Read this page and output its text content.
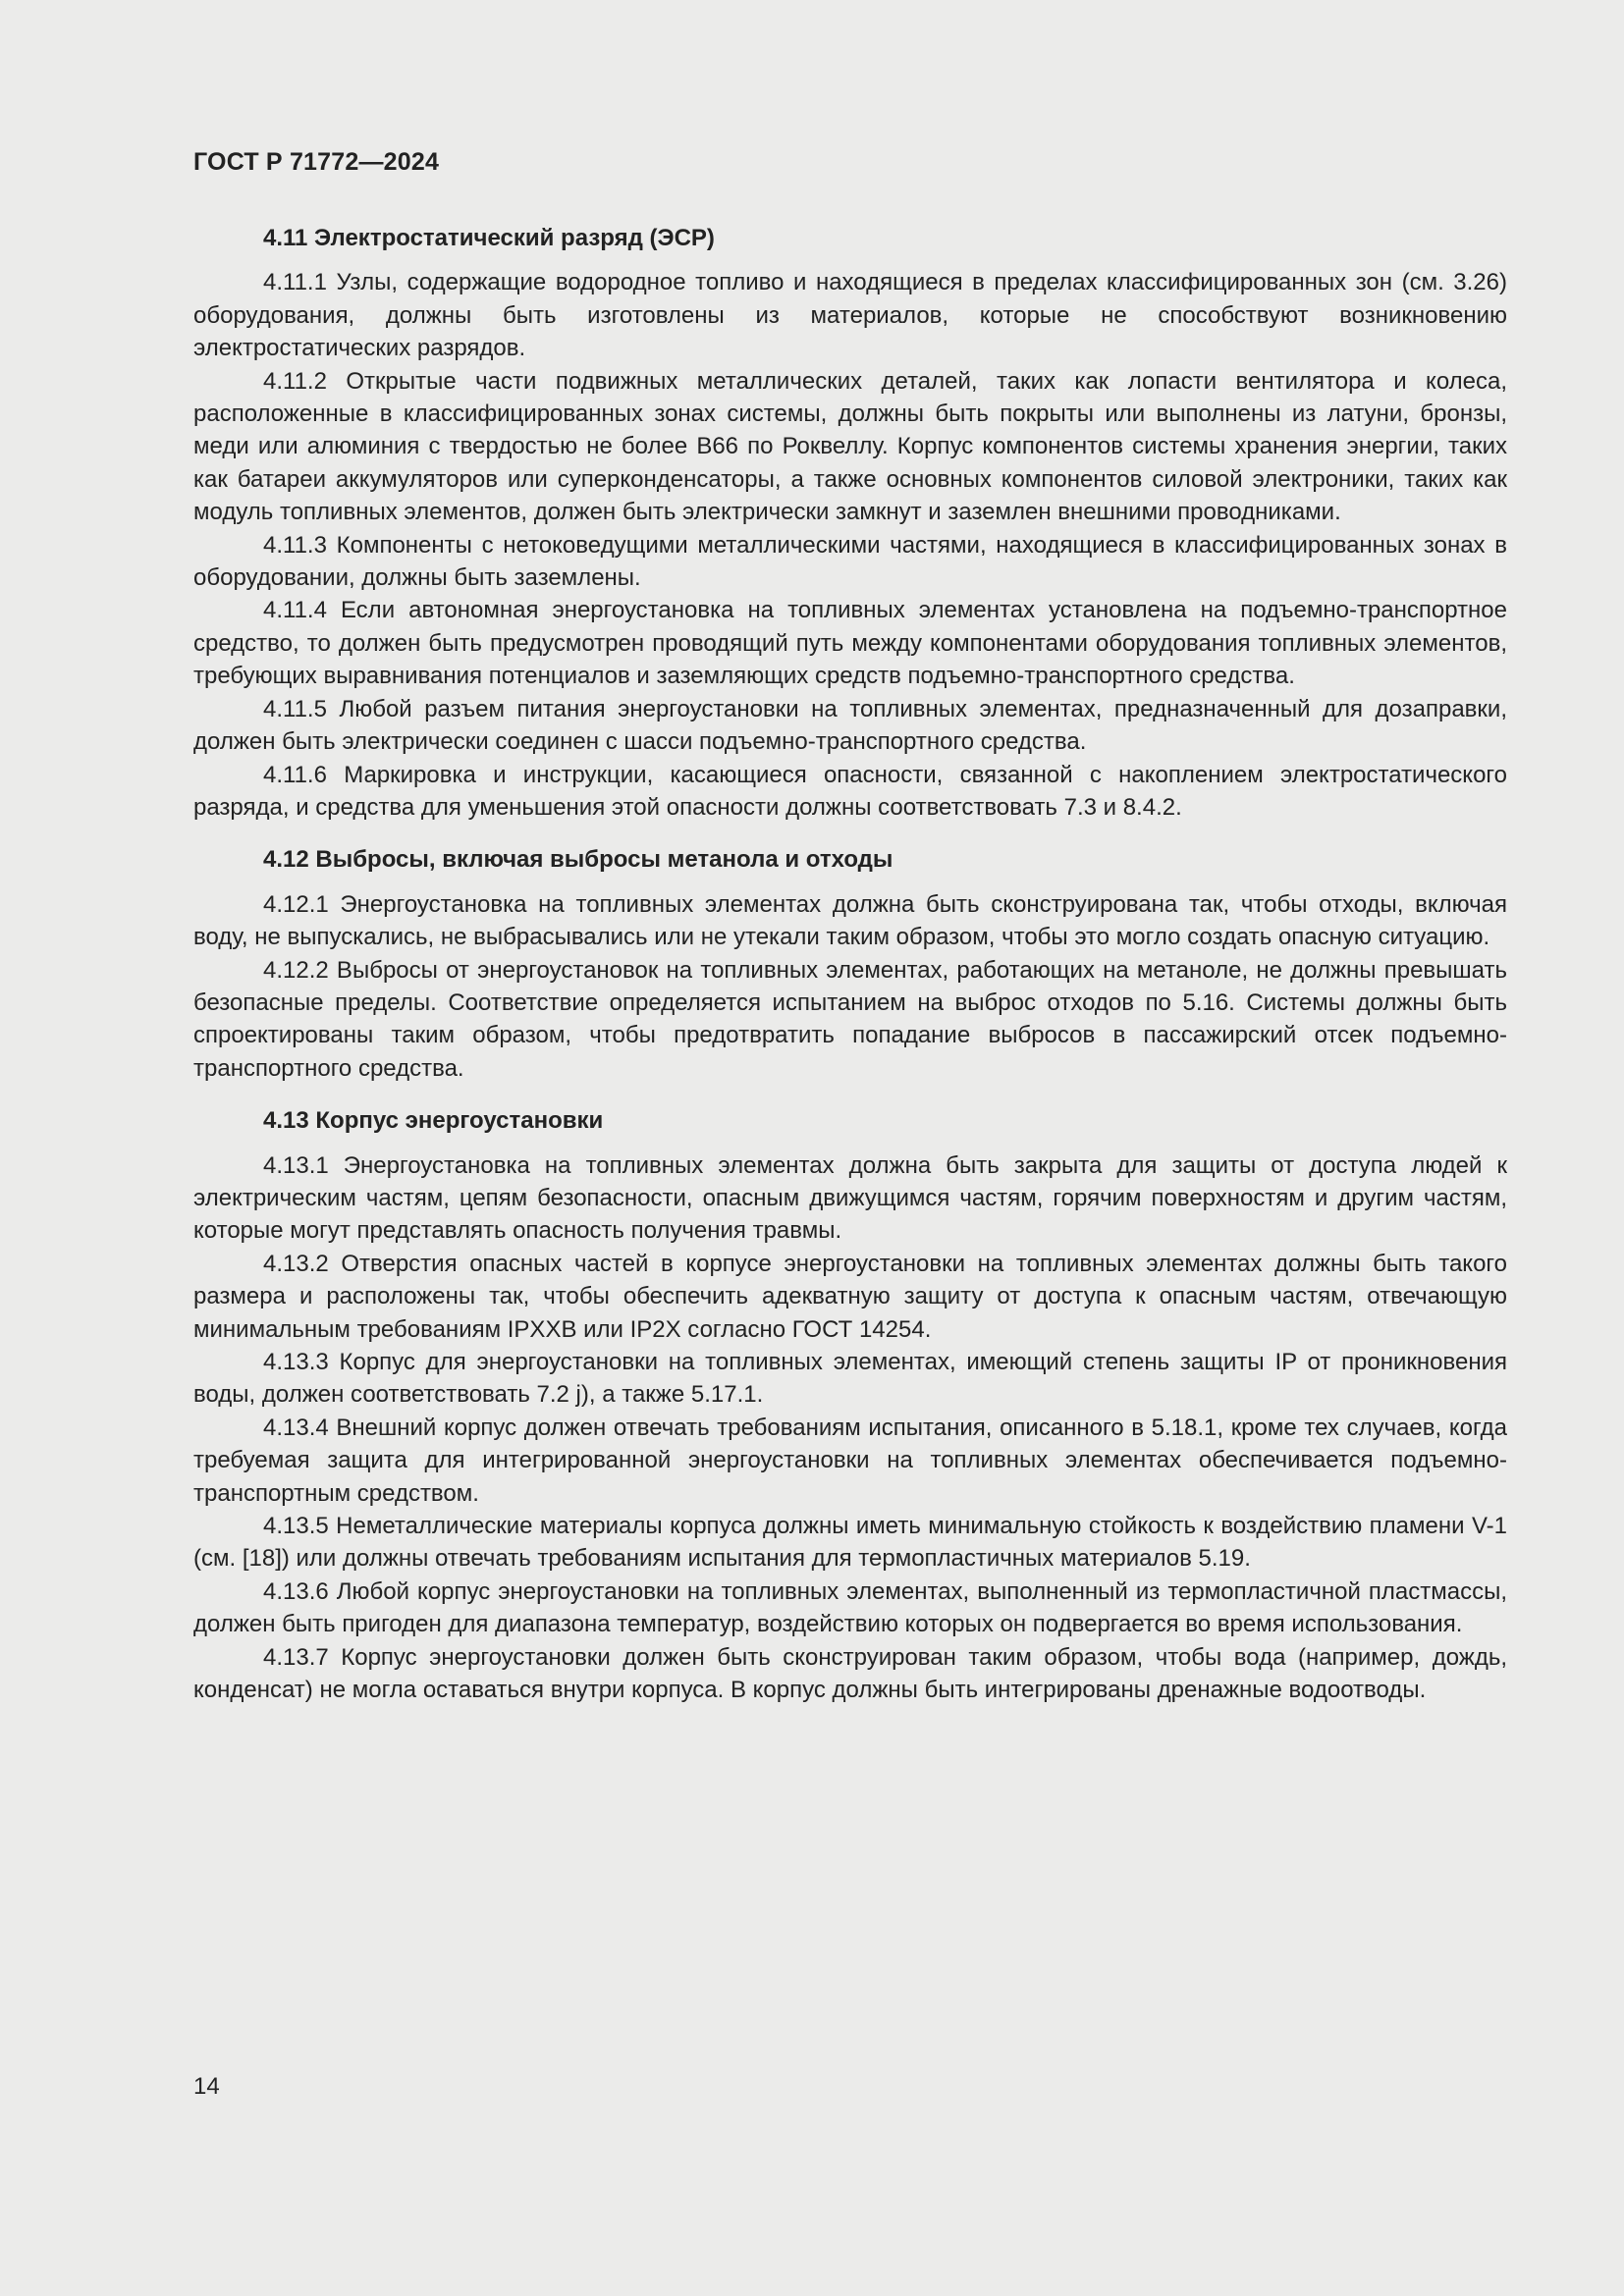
ГОСТ Р 71772—2024

4.11 Электростатический разряд (ЭСР)

4.11.1 Узлы, содержащие водородное топливо и находящиеся в пределах классифицированных зон (см. 3.26) оборудования, должны быть изготовлены из материалов, которые не способствуют возникновению электростатических разрядов.

4.11.2 Открытые части подвижных металлических деталей, таких как лопасти вентилятора и колеса, расположенные в классифицированных зонах системы, должны быть покрыты или выполнены из латуни, бронзы, меди или алюминия с твердостью не более B66 по Роквеллу. Корпус компонентов системы хранения энергии, таких как батареи аккумуляторов или суперконденсаторы, а также основных компонентов силовой электроники, таких как модуль топливных элементов, должен быть электрически замкнут и заземлен внешними проводниками.

4.11.3 Компоненты с нетоковедущими металлическими частями, находящиеся в классифицированных зонах в оборудовании, должны быть заземлены.

4.11.4 Если автономная энергоустановка на топливных элементах установлена на подъемно-транспортное средство, то должен быть предусмотрен проводящий путь между компонентами оборудования топливных элементов, требующих выравнивания потенциалов и заземляющих средств подъемно-транспортного средства.

4.11.5 Любой разъем питания энергоустановки на топливных элементах, предназначенный для дозаправки, должен быть электрически соединен с шасси подъемно-транспортного средства.

4.11.6 Маркировка и инструкции, касающиеся опасности, связанной с накоплением электростатического разряда, и средства для уменьшения этой опасности должны соответствовать 7.3 и 8.4.2.

4.12 Выбросы, включая выбросы метанола и отходы

4.12.1 Энергоустановка на топливных элементах должна быть сконструирована так, чтобы отходы, включая воду, не выпускались, не выбрасывались или не утекали таким образом, чтобы это могло создать опасную ситуацию.

4.12.2 Выбросы от энергоустановок на топливных элементах, работающих на метаноле, не должны превышать безопасные пределы. Соответствие определяется испытанием на выброс отходов по 5.16. Системы должны быть спроектированы таким образом, чтобы предотвратить попадание выбросов в пассажирский отсек подъемно-транспортного средства.

4.13 Корпус энергоустановки

4.13.1 Энергоустановка на топливных элементах должна быть закрыта для защиты от доступа людей к электрическим частям, цепям безопасности, опасным движущимся частям, горячим поверхностям и другим частям, которые могут представлять опасность получения травмы.

4.13.2 Отверстия опасных частей в корпусе энергоустановки на топливных элементах должны быть такого размера и расположены так, чтобы обеспечить адекватную защиту от доступа к опасным частям, отвечающую минимальным требованиям IPXXB или IP2X согласно ГОСТ 14254.

4.13.3 Корпус для энергоустановки на топливных элементах, имеющий степень защиты IP от проникновения воды, должен соответствовать 7.2 j), а также 5.17.1.

4.13.4 Внешний корпус должен отвечать требованиям испытания, описанного в 5.18.1, кроме тех случаев, когда требуемая защита для интегрированной энергоустановки на топливных элементах обеспечивается подъемно-транспортным средством.

4.13.5 Неметаллические материалы корпуса должны иметь минимальную стойкость к воздействию пламени V-1 (см. [18]) или должны отвечать требованиям испытания для термопластичных материалов 5.19.

4.13.6 Любой корпус энергоустановки на топливных элементах, выполненный из термопластичной пластмассы, должен быть пригоден для диапазона температур, воздействию которых он подвергается во время использования.

4.13.7 Корпус энергоустановки должен быть сконструирован таким образом, чтобы вода (например, дождь, конденсат) не могла оставаться внутри корпуса. В корпус должны быть интегрированы дренажные водоотводы.

14
